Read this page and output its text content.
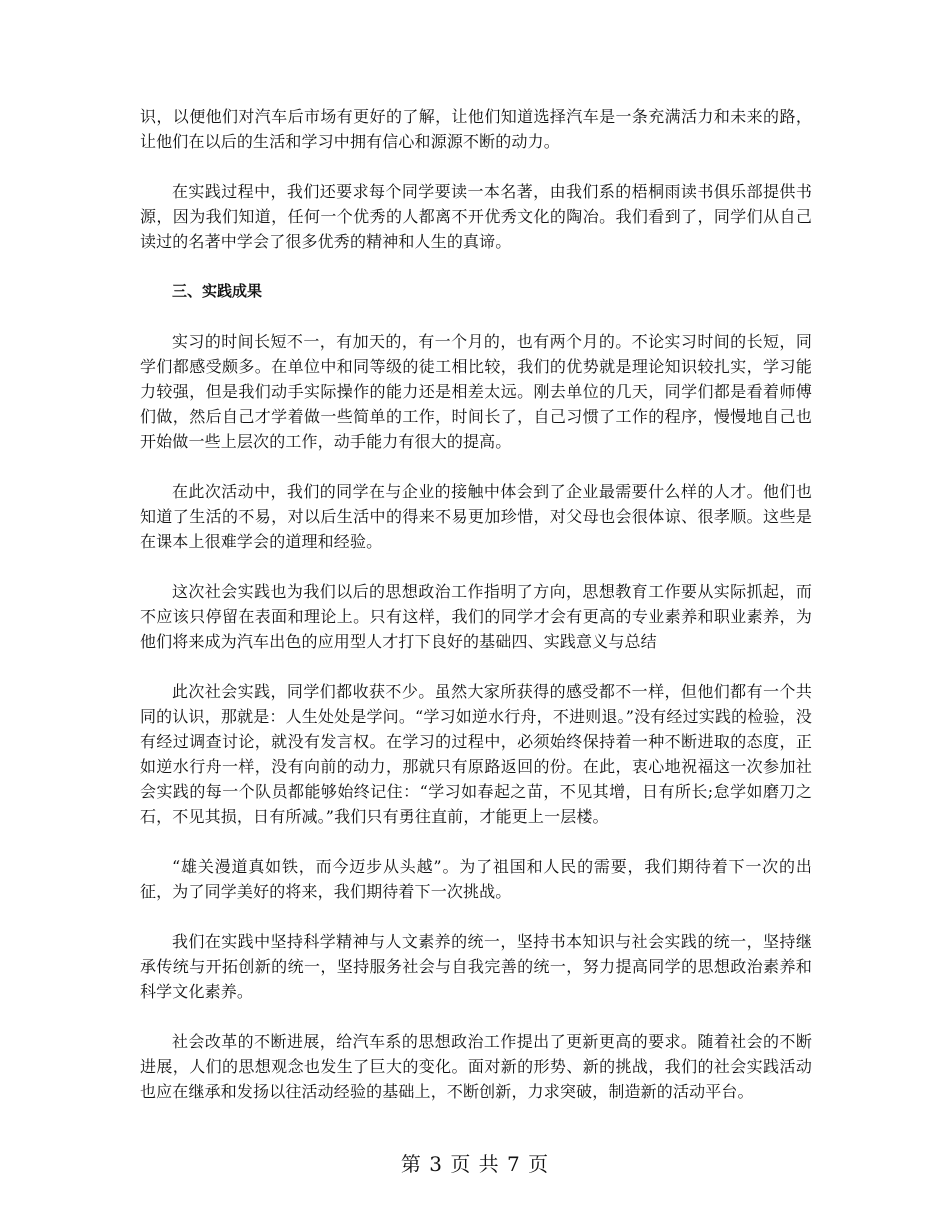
识，以便他们对汽车后市场有更好的了解，让他们知道选择汽车是一条充满活力和未来的路，让他们在以后的生活和学习中拥有信心和源源不断的动力。

在实践过程中，我们还要求每个同学要读一本名著，由我们系的梧桐雨读书俱乐部提供书源，因为我们知道，任何一个优秀的人都离不开优秀文化的陶冶。我们看到了，同学们从自己读过的名著中学会了很多优秀的精神和人生的真谛。

三、实践成果

实习的时间长短不一，有加天的，有一个月的，也有两个月的。不论实习时间的长短，同学们都感受颇多。在单位中和同等级的徒工相比较，我们的优势就是理论知识较扎实，学习能力较强，但是我们动手实际操作的能力还是相差太远。刚去单位的几天，同学们都是看着师傅们做，然后自己才学着做一些简单的工作，时间长了，自己习惯了工作的程序，慢慢地自己也开始做一些上层次的工作，动手能力有很大的提高。

在此次活动中，我们的同学在与企业的接触中体会到了企业最需要什么样的人才。他们也知道了生活的不易，对以后生活中的得来不易更加珍惜，对父母也会很体谅、很孝顺。这些是在课本上很难学会的道理和经验。

这次社会实践也为我们以后的思想政治工作指明了方向，思想教育工作要从实际抓起，而不应该只停留在表面和理论上。只有这样，我们的同学才会有更高的专业素养和职业素养，为他们将来成为汽车出色的应用型人才打下良好的基础四、实践意义与总结

此次社会实践，同学们都收获不少。虽然大家所获得的感受都不一样，但他们都有一个共同的认识，那就是：人生处处是学问。“学习如逆水行舟，不进则退。”没有经过实践的检验，没有经过调查讨论，就没有发言权。在学习的过程中，必须始终保持着一种不断进取的态度，正如逆水行舟一样，没有向前的动力，那就只有原路返回的份。在此，衷心地祝福这一次参加社会实践的每一个队员都能够始终记住：“学习如春起之苗，不见其增，日有所长;怠学如磨刀之石，不见其损，日有所减。”我们只有勇往直前，才能更上一层楼。

“雄关漫道真如铁，而今迈步从头越”。为了祖国和人民的需要，我们期待着下一次的出征，为了同学美好的将来，我们期待着下一次挑战。

我们在实践中坚持科学精神与人文素养的统一，坚持书本知识与社会实践的统一，坚持继承传统与开拓创新的统一，坚持服务社会与自我完善的统一，努力提高同学的思想政治素养和科学文化素养。

社会改革的不断进展，给汽车系的思想政治工作提出了更新更高的要求。随着社会的不断进展，人们的思想观念也发生了巨大的变化。面对新的形势、新的挑战，我们的社会实践活动也应在继承和发扬以往活动经验的基础上，不断创新，力求突破，制造新的活动平台。

第 3 页 共 7 页
